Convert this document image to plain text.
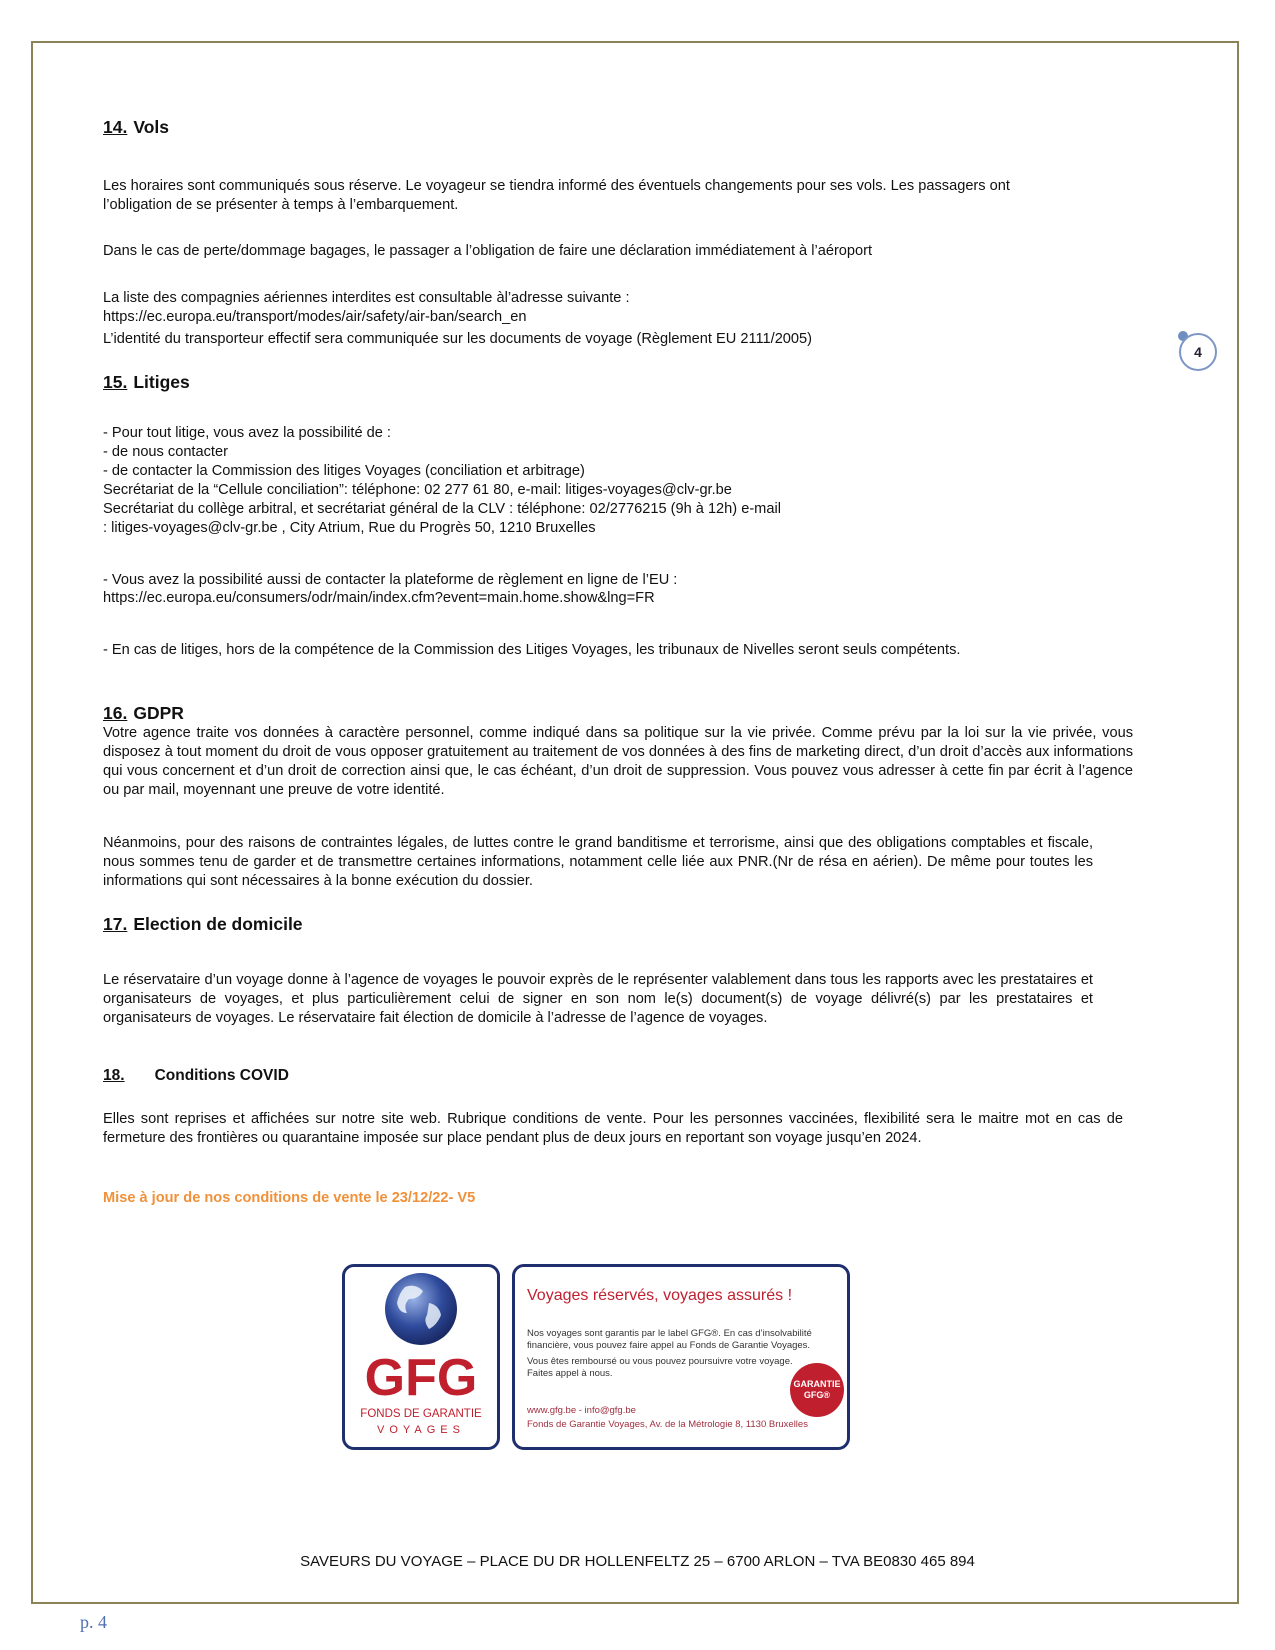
4
14. Vols

Les horaires sont communiqués sous réserve. Le voyageur se tiendra informé des éventuels changements pour ses vols. Les passagers ont l’obligation de se présenter à temps à l’embarquement.

Dans le cas de perte/dommage bagages, le passager a l’obligation de faire une déclaration immédiatement à l’aéroport

La liste des compagnies aériennes interdites est consultable àl’adresse suivante :

https://ec.europa.eu/transport/modes/air/safety/air-ban/search_en

L’identité du transporteur effectif sera communiquée sur les documents de voyage (Règlement EU 2111/2005)

15. Litiges

- Pour tout litige, vous avez la possibilité de :

- de nous contacter

- de contacter la Commission des litiges Voyages (conciliation et arbitrage)

Secrétariat de la “Cellule conciliation”: téléphone: 02 277 61 80, e-mail: litiges-voyages@clv-gr.be

Secrétariat du collège arbitral, et secrétariat général de la CLV : téléphone: 02/2776215 (9h à 12h) e-mail

: litiges-voyages@clv-gr.be , City Atrium, Rue du Progrès 50, 1210 Bruxelles

- Vous avez la possibilité aussi de contacter la plateforme de règlement en ligne de l’EU :

https://ec.europa.eu/consumers/odr/main/index.cfm?event=main.home.show&lng=FR

- En cas de litiges, hors de la compétence de la Commission des Litiges Voyages, les tribunaux de Nivelles seront seuls compétents.

16. GDPR

Votre agence traite vos données à caractère personnel, comme indiqué dans sa politique sur la vie privée. Comme prévu par la loi sur la vie privée, vous disposez à tout moment du droit de vous opposer gratuitement au traitement de vos données à des fins de marketing direct, d’un droit d’accès aux informations qui vous concernent et d’un droit de correction ainsi que, le cas échéant, d’un droit de suppression. Vous pouvez vous adresser à cette fin par écrit à l’agence ou par mail, moyennant une preuve de votre identité.

Néanmoins, pour des raisons de contraintes légales, de luttes contre le grand banditisme et terrorisme, ainsi que des obligations comptables et fiscale, nous sommes tenu de garder et de transmettre certaines informations, notamment celle liée aux PNR.(Nr de résa en aérien). De même pour toutes les informations qui sont nécessaires à la bonne exécution du dossier.

17. Election de domicile

Le réservataire d’un voyage donne à l’agence de voyages le pouvoir exprès de le représenter valablement dans tous les rapports avec les prestataires et organisateurs de voyages, et plus particulièrement celui de signer en son nom le(s) document(s) de voyage délivré(s) par les prestataires et organisateurs de voyages. Le réservataire fait élection de domicile à l’adresse de l’agence de voyages.

18. Conditions COVID

Elles sont reprises et affichées sur notre site web. Rubrique conditions de vente. Pour les personnes vaccinées, flexibilité sera le maitre mot en cas de fermeture des frontières ou quarantaine imposée sur place pendant plus de deux jours en reportant son voyage jusqu’en 2024.

Mise à jour de nos conditions de vente le 23/12/22- V5

GFG
FONDS DE GARANTIE
VOYAGES
Voyages réservés, voyages assurés !
Nos voyages sont garantis par le label GFG®. En cas d’insolvabilité
financière, vous pouvez faire appel au Fonds de Garantie Voyages.
Vous êtes remboursé ou vous pouvez poursuivre votre voyage.
Faites appel à nous.
www.gfg.be - info@gfg.be
Fonds de Garantie Voyages, Av. de la Métrologie 8, 1130 Bruxelles
GARANTIE
GFG®
SAVEURS DU VOYAGE – PLACE DU DR HOLLENFELTZ 25 – 6700 ARLON – TVA BE0830 465 894
p. 4
